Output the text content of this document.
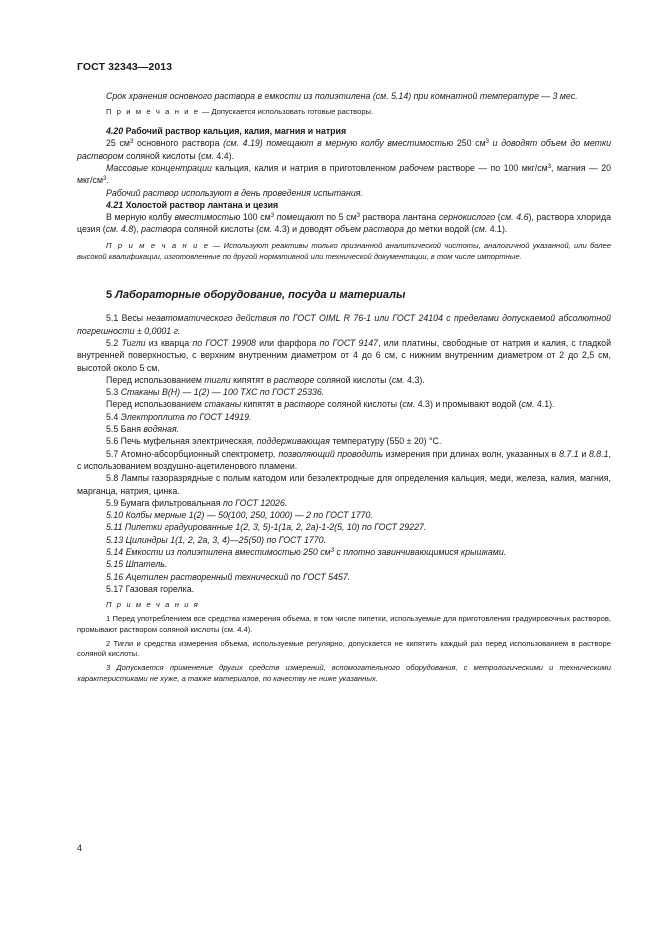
ГОСТ 32343—2013

Срок хранения основного раствора в емкости из полиэтилена (см. 5.14) при комнатной температуре — 3 мес.

П р и м е ч а н и е — Допускается использовать готовые растворы.

4.20 Рабочий раствор кальция, калия, магния и натрия

25 $см^3$ основного раствора (см. 4.19) помещают в мерную колбу вместимостью 250 $см^3$ и доводят объем до метки раствором соляной кислоты (см. 4.4).

Массовые концентрации кальция, калия и натрия в приготовленном рабочем растворе — по 100 мкг/$см^3$, магния — 20 мкг/$см^3$.

Рабочий раствор используют в день проведения испытания.

4.21 Холостой раствор лантана и цезия

В мерную колбу вместимостью 100 $см^3$ помещают по 5 $см^3$ раствора лантана сернокислого (см. 4.6), раствора хлорида цезия (см. 4.8), раствора соляной кислоты (см. 4.3) и доводят объем раствора до метки водой (см. 4.1).

П р и м е ч а н и е — Используют реактивы только признанной аналитической чистоты, аналогичной указанной, или более высокой квалификации, изготовленные по другой нормативной или технической документации, в том числе импортные.

5 Лабораторные оборудование, посуда и материалы

5.1 Весы неавтоматического действия по ГОСТ OIML R 76-1 или ГОСТ 24104 с пределами допускаемой абсолютной погрешности ± 0,0001 г.

5.2 Тигли из кварца по ГОСТ 19908 или фарфора по ГОСТ 9147, или платины, свободные от натрия и калия, с гладкой внутренней поверхностью, с верхним внутренним диаметром от 4 до 6 см, с нижним внутренним диаметром от 2 до 2,5 см, высотой около 5 см.

Перед использованием тигли кипятят в растворе соляной кислоты (см. 4.3).

5.3 Стаканы В(Н) — 1(2) — 100 ТХС по ГОСТ 25336.

Перед использованием стаканы кипятят в растворе соляной кислоты (см. 4.3) и промывают водой (см. 4.1).

5.4 Электроплита по ГОСТ 14919.

5.5 Баня водяная.

5.6 Печь муфельная электрическая, поддерживающая температуру (550 ± 20) °С.

5.7 Атомно-абсорбционный спектрометр, позволяющий проводить измерения при длинах волн, указанных в 8.7.1 и 8.8.1, с использованием воздушно-ацетиленового пламени.

5.8 Лампы газоразрядные с полым катодом или безэлектродные для определения кальция, меди, железа, калия, магния, марганца, натрия, цинка.

5.9 Бумага фильтровальная по ГОСТ 12026.

5.10 Колбы мерные 1(2) — 50(100, 250, 1000) — 2 по ГОСТ 1770.

5.11 Пипетки градуированные 1(2, 3, 5)-1(1а, 2, 2а)-1-2(5, 10) по ГОСТ 29227.

5.13 Цилиндры 1(1, 2, 2а, 3, 4)—25(50) по ГОСТ 1770.

5.14 Емкости из полиэтилена вместимостью 250 $см^3$ с плотно завинчивающимися крышками.

5.15 Шпатель.

5.16 Ацетилен растворенный технический по ГОСТ 5457.

5.17 Газовая горелка.

П р и м е ч а н и я

1 Перед употреблением все средства измерения объема, в том числе пипетки, используемые для приготовления градуировочных растворов, промывают раствором соляной кислоты (см. 4.4).

2 Тигли и средства измерения объема, используемые регулярно, допускается не кипятить каждый раз перед использованием в растворе соляной кислоты.

3 Допускается применение других средств измерений, вспомогательного оборудования, с метрологическими и техническими характеристиками не хуже, а также материалов, по качеству не ниже указанных.

4
